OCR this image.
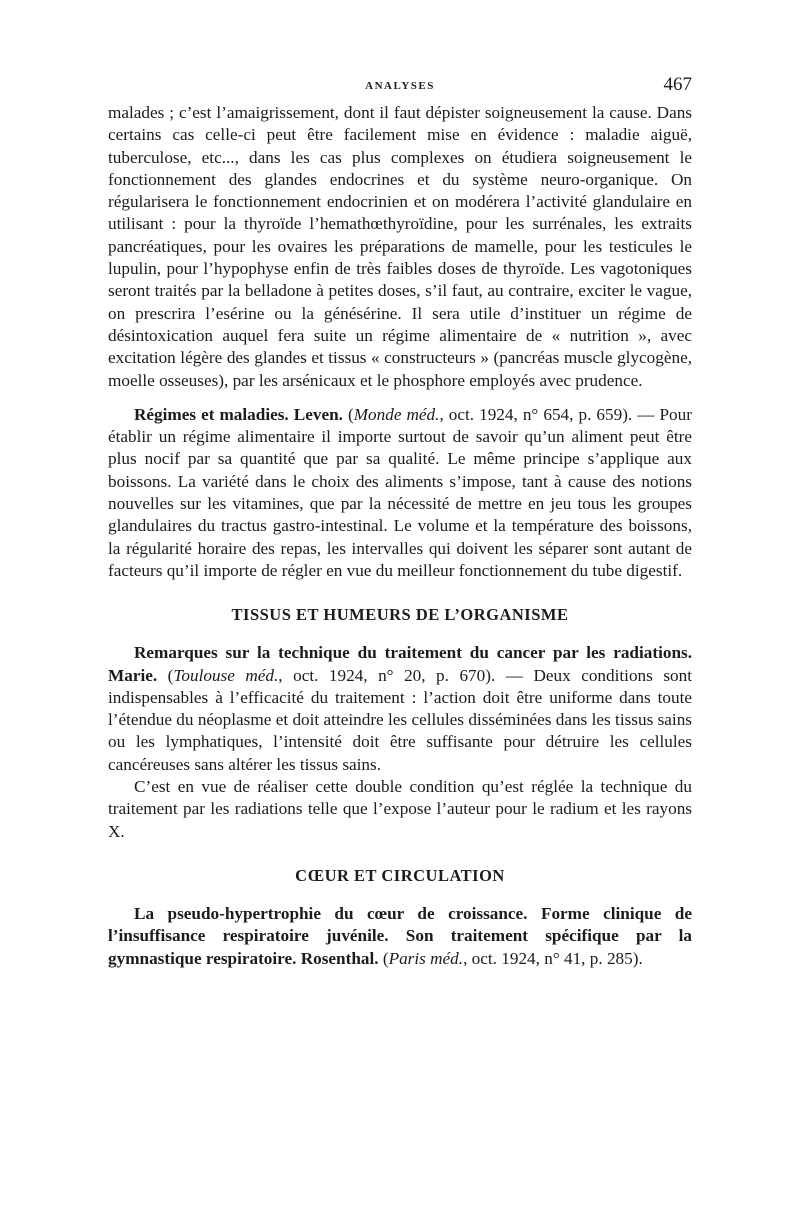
ANALYSES	467

malades ; c’est l’amaigrissement, dont il faut dépister soigneusement la cause. Dans certains cas celle-ci peut être facilement mise en évidence : maladie aiguë, tuberculose, etc..., dans les cas plus complexes on étudiera soigneusement le fonctionnement des glandes endocrines et du système neuro-organique. On régularisera le fonctionnement endocrinien et on modérera l’activité glandulaire en utilisant : pour la thyroïde l’hemathœthyroïdine, pour les surrénales, les extraits pancréatiques, pour les ovaires les préparations de mamelle, pour les testicules le lupulin, pour l’hypophyse enfin de très faibles doses de thyroïde. Les vagotoniques seront traités par la belladone à petites doses, s’il faut, au contraire, exciter le vague, on prescrira l’esérine ou la génésérine. Il sera utile d’instituer un régime de désintoxication auquel fera suite un régime alimentaire de « nutrition », avec excitation légère des glandes et tissus « constructeurs » (pancréas muscle glycogène, moelle osseuses), par les arsénicaux et le phosphore employés avec prudence.

Régimes et maladies. Leven. (Monde méd., oct. 1924, n° 654, p. 659). — Pour établir un régime alimentaire il importe surtout de savoir qu’un aliment peut être plus nocif par sa quantité que par sa qualité. Le même principe s’applique aux boissons. La variété dans le choix des aliments s’impose, tant à cause des notions nouvelles sur les vitamines, que par la nécessité de mettre en jeu tous les groupes glandulaires du tractus gastro-intestinal. Le volume et la température des boissons, la régularité horaire des repas, les intervalles qui doivent les séparer sont autant de facteurs qu’il importe de régler en vue du meilleur fonctionnement du tube digestif.

TISSUS ET HUMEURS DE L’ORGANISME

Remarques sur la technique du traitement du cancer par les radiations. Marie. (Toulouse méd., oct. 1924, n° 20, p. 670). — Deux conditions sont indispensables à l’efficacité du traitement : l’action doit être uniforme dans toute l’étendue du néoplasme et doit atteindre les cellules disséminées dans les tissus sains ou les lymphatiques, l’intensité doit être suffisante pour détruire les cellules cancéreuses sans altérer les tissus sains.

C’est en vue de réaliser cette double condition qu’est réglée la technique du traitement par les radiations telle que l’expose l’auteur pour le radium et les rayons X.

CŒUR ET CIRCULATION

La pseudo-hypertrophie du cœur de croissance. Forme clinique de l’insuffisance respiratoire juvénile. Son traitement spécifique par la gymnastique respiratoire. Rosenthal. (Paris méd., oct. 1924, n° 41, p. 285).
